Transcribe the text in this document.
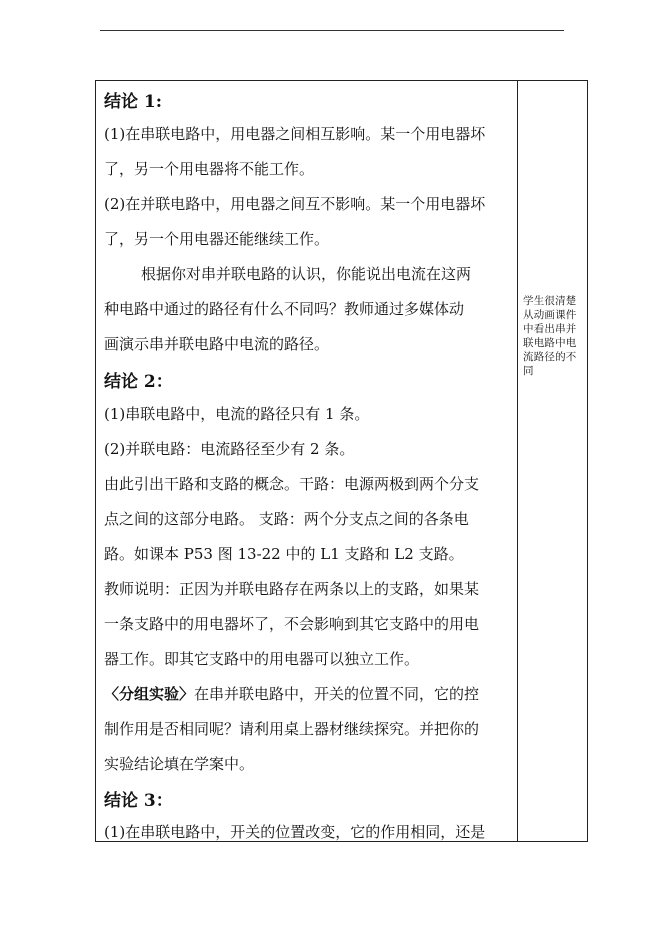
结论 1:
(1)在串联电路中，用电器之间相互影响。某一个用电器坏
了，另一个用电器将不能工作。
(2)在并联电路中，用电器之间互不影响。某一个用电器坏
了，另一个用电器还能继续工作。
根据你对串并联电路的认识，你能说出电流在这两
种电路中通过的路径有什么不同吗？教师通过多媒体动
画演示串并联电路中电流的路径。
结论 2：
(1)串联电路中，电流的路径只有 1 条。
(2)并联电路：电流路径至少有 2 条。
由此引出干路和支路的概念。干路：电源两极到两个分支
点之间的这部分电路。 支路：两个分支点之间的各条电
路。如课本 P53 图 13-22 中的 L1 支路和 L2 支路。
教师说明：正因为并联电路存在两条以上的支路，如果某
一条支路中的用电器坏了，不会影响到其它支路中的用电
器工作。即其它支路中的用电器可以独立工作。
〈分组实验〉在串并联电路中，开关的位置不同，它的控
制作用是否相同呢？请利用桌上器材继续探究。并把你的
实验结论填在学案中。
结论 3：
(1)在串联电路中，开关的位置改变，它的作用相同，还是
学生很清楚
从动画课件
中看出串并
联电路中电
流路径的不
同
